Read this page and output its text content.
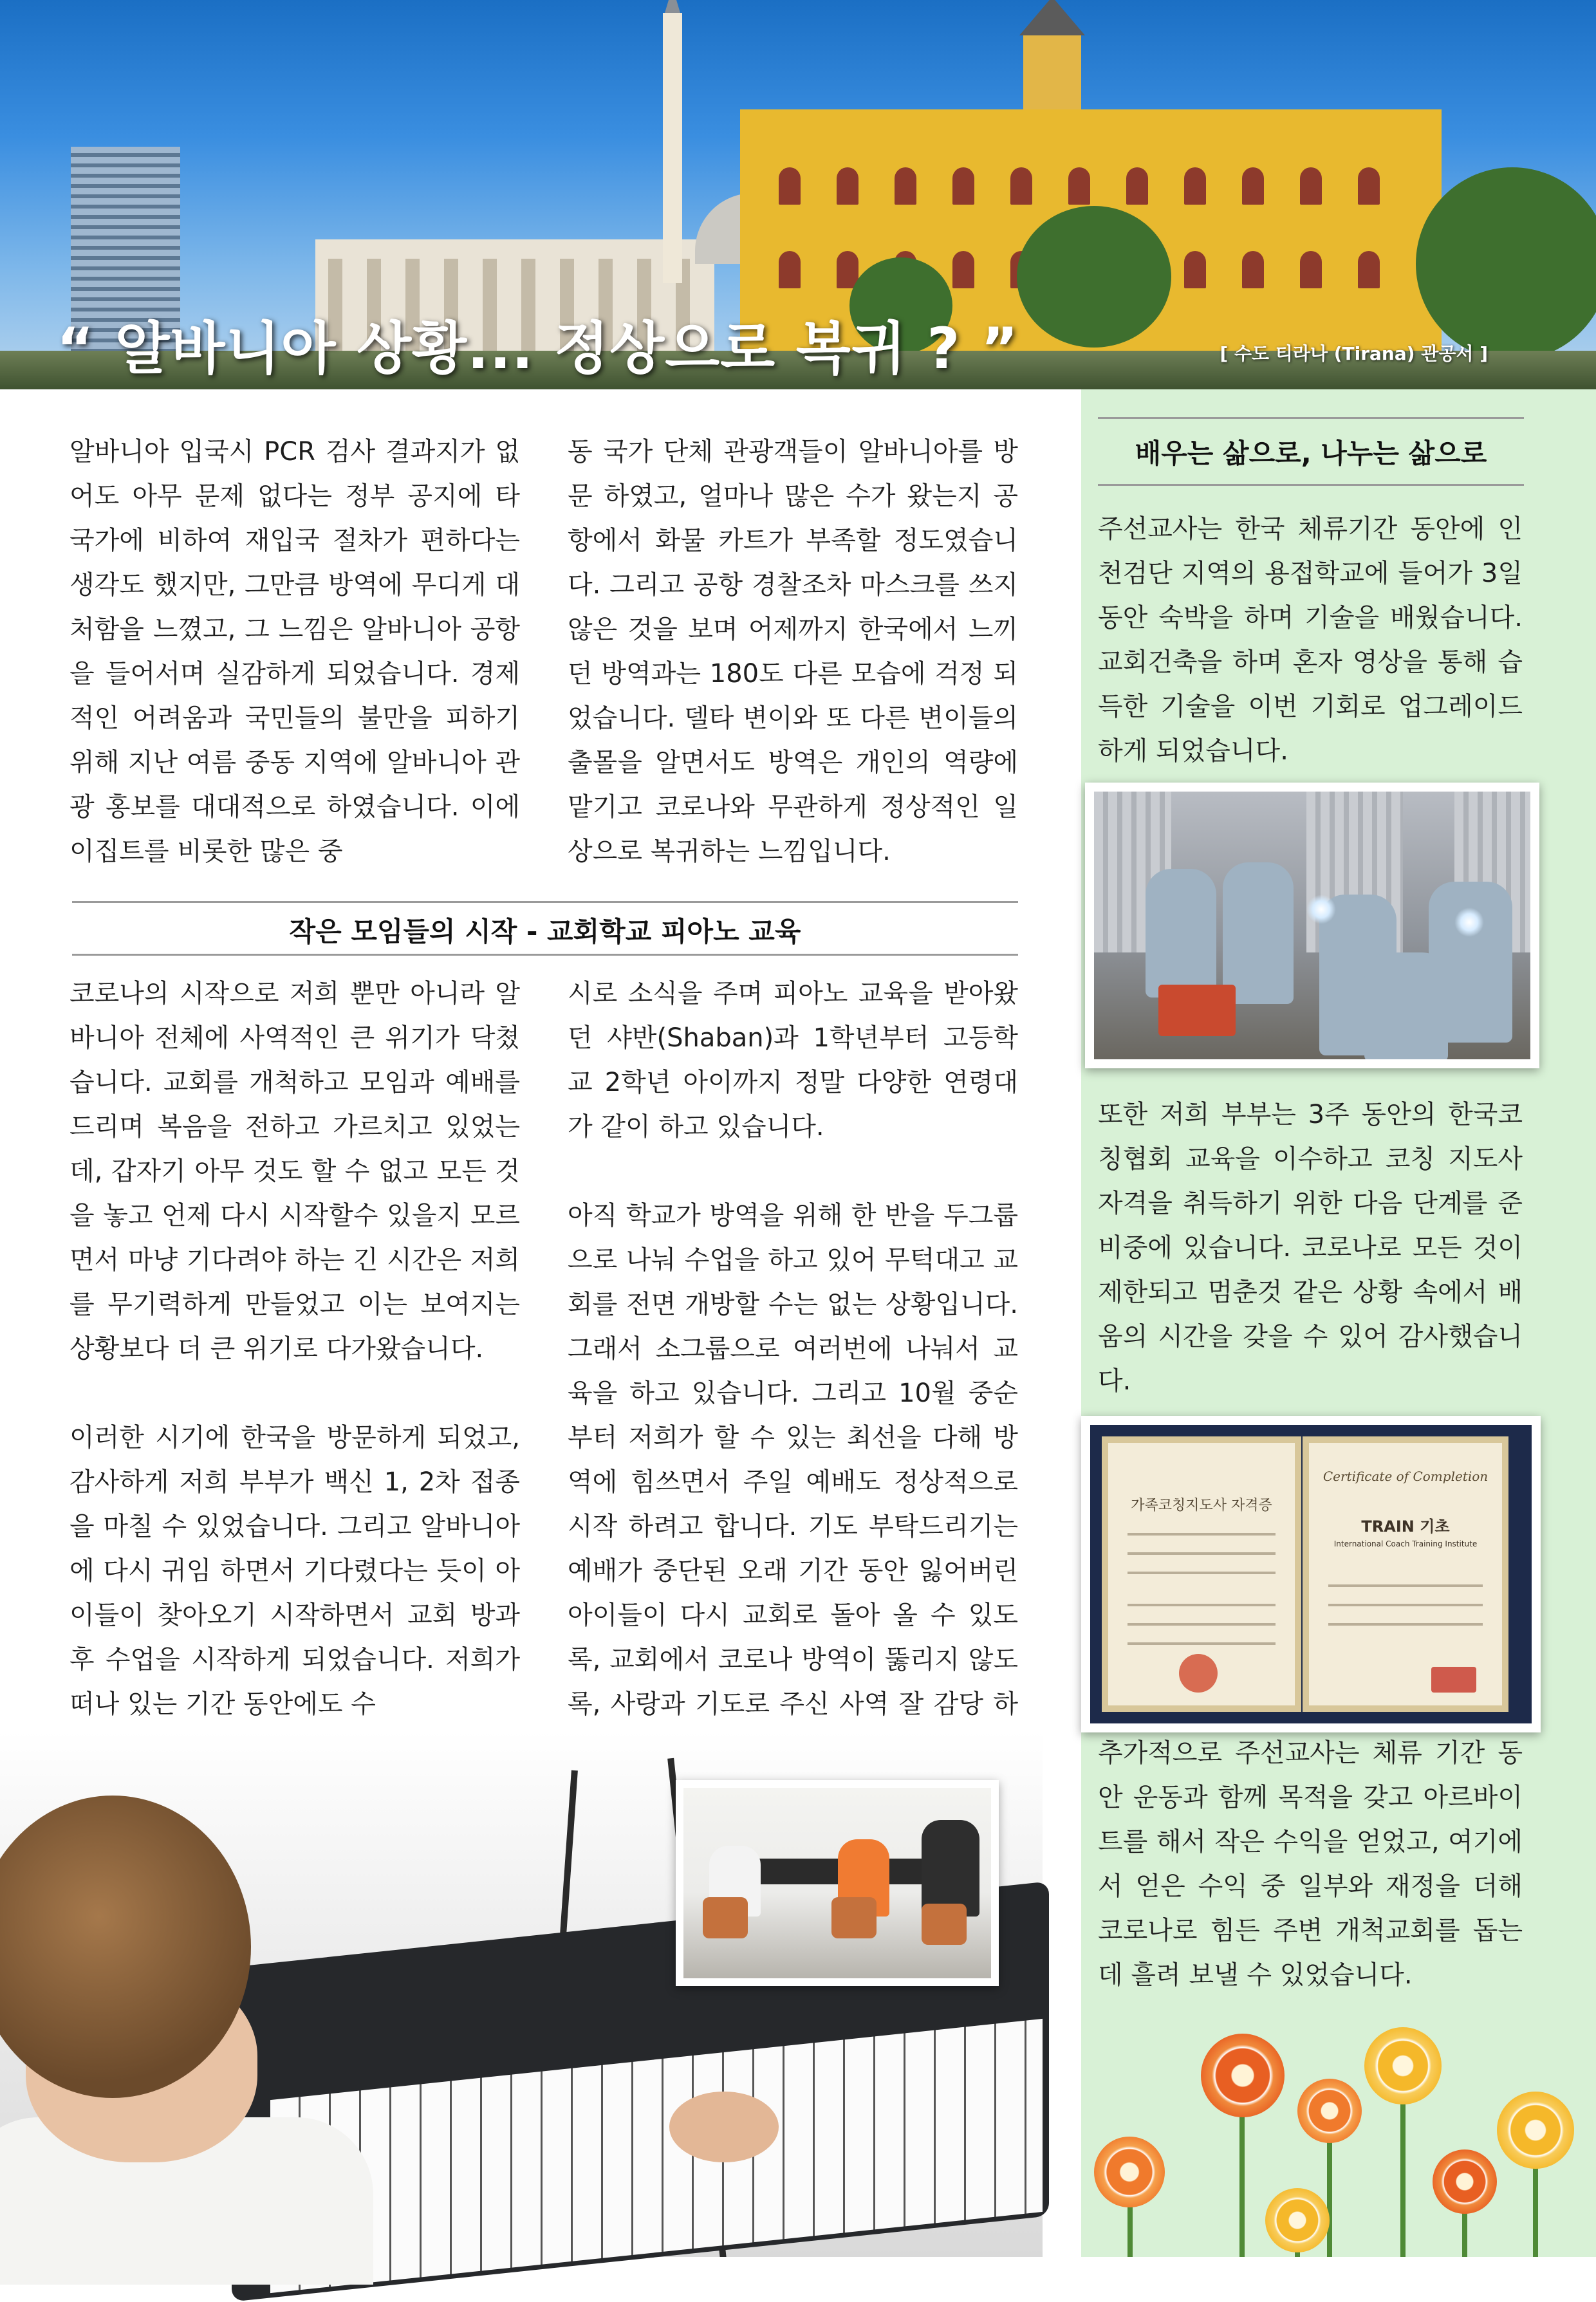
“ 알바니아 상황... 정상으로 복귀 ? ”	[ 수도 티라나 (Tirana) 관공서 ]

알바니아 입국시 PCR 검사 결과지가 없어도 아무 문제 없다는 정부 공지에 타 국가에 비하여 재입국 절차가 편하다는 생각도 했지만, 그만큼 방역에 무디게 대처함을 느꼈고, 그 느낌은 알바니아 공항을 들어서며 실감하게 되었습니다. 경제적인 어려움과 국민들의 불만을 피하기 위해 지난 여름 중동 지역에 알바니아 관광 홍보를 대대적으로 하였습니다. 이에 이집트를 비롯한 많은 중

동 국가 단체 관광객들이 알바니아를 방문 하였고, 얼마나 많은 수가 왔는지 공항에서 화물 카트가 부족할 정도였습니다. 그리고 공항 경찰조차 마스크를 쓰지 않은 것을 보며 어제까지 한국에서 느끼던 방역과는 180도 다른 모습에 걱정 되었습니다. 델타 변이와 또 다른 변이들의 출몰을 알면서도 방역은 개인의 역량에 맡기고 코로나와 무관하게 정상적인 일상으로 복귀하는 느낌입니다.

작은 모임들의 시작 - 교회학교 피아노 교육

코로나의 시작으로 저희 뿐만 아니라 알바니아 전체에 사역적인 큰 위기가 닥쳤습니다. 교회를 개척하고 모임과 예배를 드리며 복음을 전하고 가르치고 있었는데, 갑자기 아무 것도 할 수 없고 모든 것을 놓고 언제 다시 시작할수 있을지 모르면서 마냥 기다려야 하는 긴 시간은 저희를 무기력하게 만들었고 이는 보여지는 상황보다 더 큰 위기로 다가왔습니다.

이러한 시기에 한국을 방문하게 되었고, 감사하게 저희 부부가 백신 1, 2차 접종을 마칠 수 있었습니다. 그리고 알바니아에 다시 귀임 하면서 기다렸다는 듯이 아이들이 찾아오기 시작하면서 교회 방과후 수업을 시작하게 되었습니다. 저희가 떠나 있는 기간 동안에도 수

시로 소식을 주며 피아노 교육을 받아왔던 샤반(Shaban)과 1학년부터 고등학교 2학년 아이까지 정말 다양한 연령대가 같이 하고 있습니다.

아직 학교가 방역을 위해 한 반을 두그룹으로 나눠 수업을 하고 있어 무턱대고 교회를 전면 개방할 수는 없는 상황입니다. 그래서 소그룹으로 여러번에 나눠서 교육을 하고 있습니다. 그리고 10월 중순부터 저희가 할 수 있는 최선을 다해 방역에 힘쓰면서 주일 예배도 정상적으로 시작 하려고 합니다. 기도 부탁드리기는 예배가 중단된 오래 기간 동안 잃어버린 아이들이 다시 교회로 돌아 올 수 있도록, 교회에서 코로나 방역이 뚫리지 않도록, 사랑과 기도로 주신 사역 잘 감당 하

배우는 삶으로, 나누는 삶으로
주선교사는 한국 체류기간 동안에 인천검단 지역의 용접학교에 들어가 3일 동안 숙박을 하며 기술을 배웠습니다. 교회건축을 하며 혼자 영상을 통해 습득한 기술을 이번 기회로 업그레이드하게 되었습니다.
또한 저희 부부는 3주 동안의 한국코칭협회 교육을 이수하고 코칭 지도사 자격을 취득하기 위한 다음 단계를 준비중에 있습니다. 코로나로 모든 것이 제한되고 멈춘것 같은 상황 속에서 배움의 시간을 갖을 수 있어 감사했습니다.
가족코칭지도사 자격증
Certificate of Completion
TRAIN 기초
International Coach Training Institute
추가적으로 주선교사는 체류 기간 동안 운동과 함께 목적을 갖고 아르바이트를 해서 작은 수익을 얻었고, 여기에서 얻은 수익 중 일부와 재정을 더해 코로나로 힘든 주변 개척교회를 돕는데 흘려 보낼 수 있었습니다.
